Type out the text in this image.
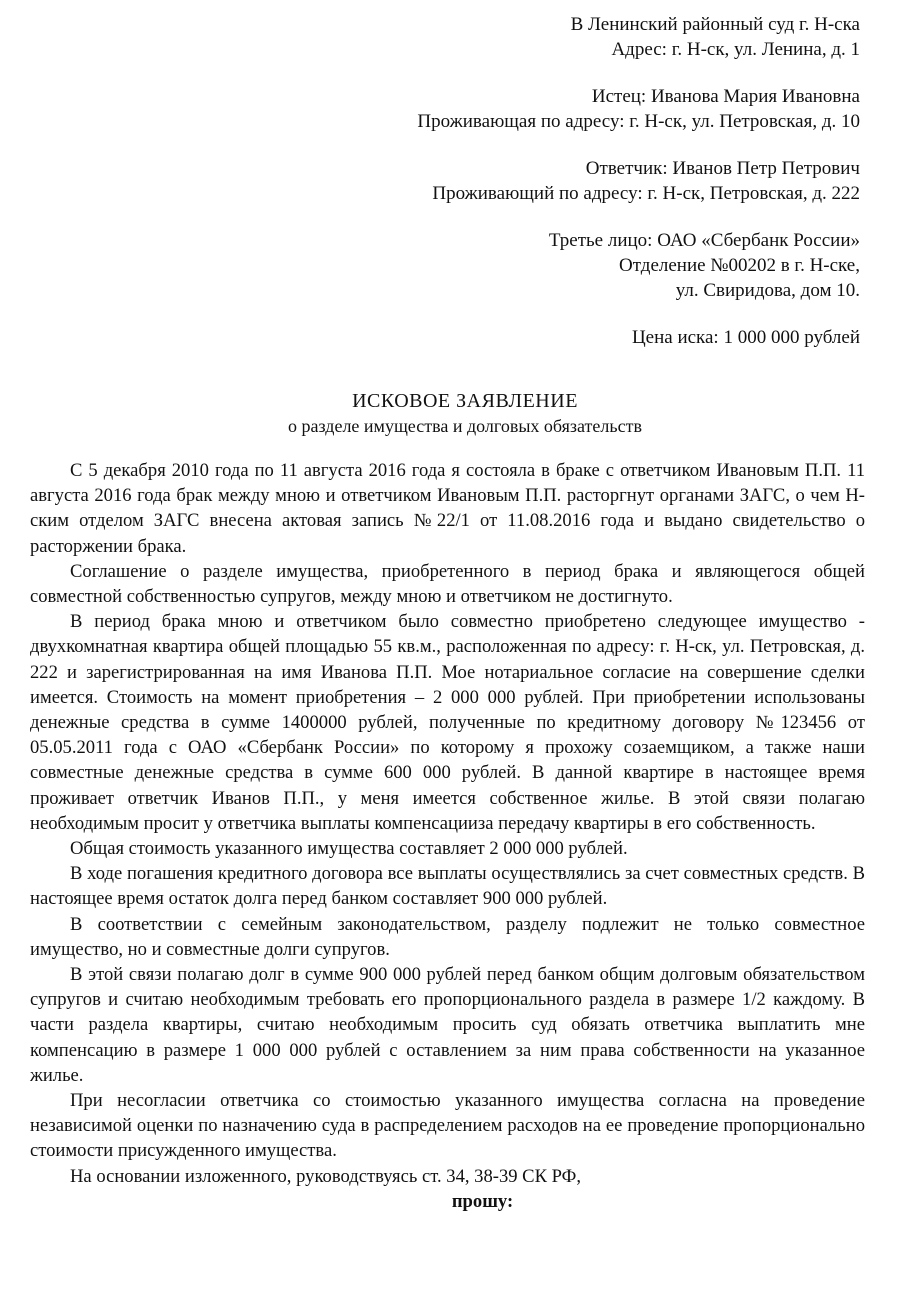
В Ленинский районный суд г. Н-ска
Адрес: г. Н-ск, ул. Ленина, д. 1
Истец: Иванова Мария Ивановна
Проживающая по адресу: г. Н-ск, ул. Петровская, д. 10
Ответчик: Иванов Петр Петрович
Проживающий по адресу: г. Н-ск, Петровская, д. 222
Третье лицо: ОАО «Сбербанк России»
Отделение №00202 в г. Н-ске,
ул. Свиридова, дом 10.
Цена иска: 1 000 000 рублей
ИСКОВОЕ ЗАЯВЛЕНИЕ
о разделе имущества и долговых обязательств

С 5 декабря 2010 года по 11 августа 2016 года я состояла в браке с ответчиком Ивановым П.П. 11 августа 2016 года брак между мною и ответчиком Ивановым П.П. расторгнут органами ЗАГС, о чем Н-ским отделом ЗАГС внесена актовая запись №22/1 от 11.08.2016 года и выдано свидетельство о расторжении брака.

Соглашение о разделе имущества, приобретенного в период брака и являющегося общей совместной собственностью супругов, между мною и ответчиком не достигнуто.

В период брака мною и ответчиком было совместно приобретено следующее имущество - двухкомнатная квартира общей площадью 55 кв.м., расположенная по адресу: г. Н-ск, ул. Петровская, д. 222 и зарегистрированная на имя Иванова П.П. Мое нотариальное согласие на совершение сделки имеется. Стоимость на момент приобретения – 2 000 000 рублей. При приобретении использованы денежные средства в сумме 1400000 рублей, полученные по кредитному договору №123456 от 05.05.2011 года с ОАО «Сбербанк России» по которому я прохожу созаемщиком, а также наши совместные денежные средства в сумме 600 000 рублей. В данной квартире в настоящее время проживает ответчик Иванов П.П., у меня имеется собственное жилье. В этой связи полагаю необходимым просит у ответчика выплаты компенсацииза передачу квартиры в его собственность.

Общая стоимость указанного имущества составляет 2 000 000 рублей.

В ходе погашения кредитного договора все выплаты осуществлялись за счет совместных средств. В настоящее время остаток долга перед банком составляет 900 000 рублей.

В соответствии с семейным законодательством, разделу подлежит не только совместное имущество, но и совместные долги супругов.

В этой связи полагаю долг в сумме 900 000 рублей перед банком общим долговым обязательством супругов и считаю необходимым требовать его пропорционального раздела в размере 1/2 каждому. В части раздела квартиры, считаю необходимым просить суд обязать ответчика выплатить мне компенсацию в размере 1 000 000 рублей с оставлением за ним права собственности на указанное жилье.

При несогласии ответчика со стоимостью указанного имущества согласна на проведение независимой оценки по назначению суда в распределением расходов на ее проведение пропорционально стоимости присужденного имущества.

На основании изложенного, руководствуясь ст. 34, 38-39 СК РФ,

прошу:
